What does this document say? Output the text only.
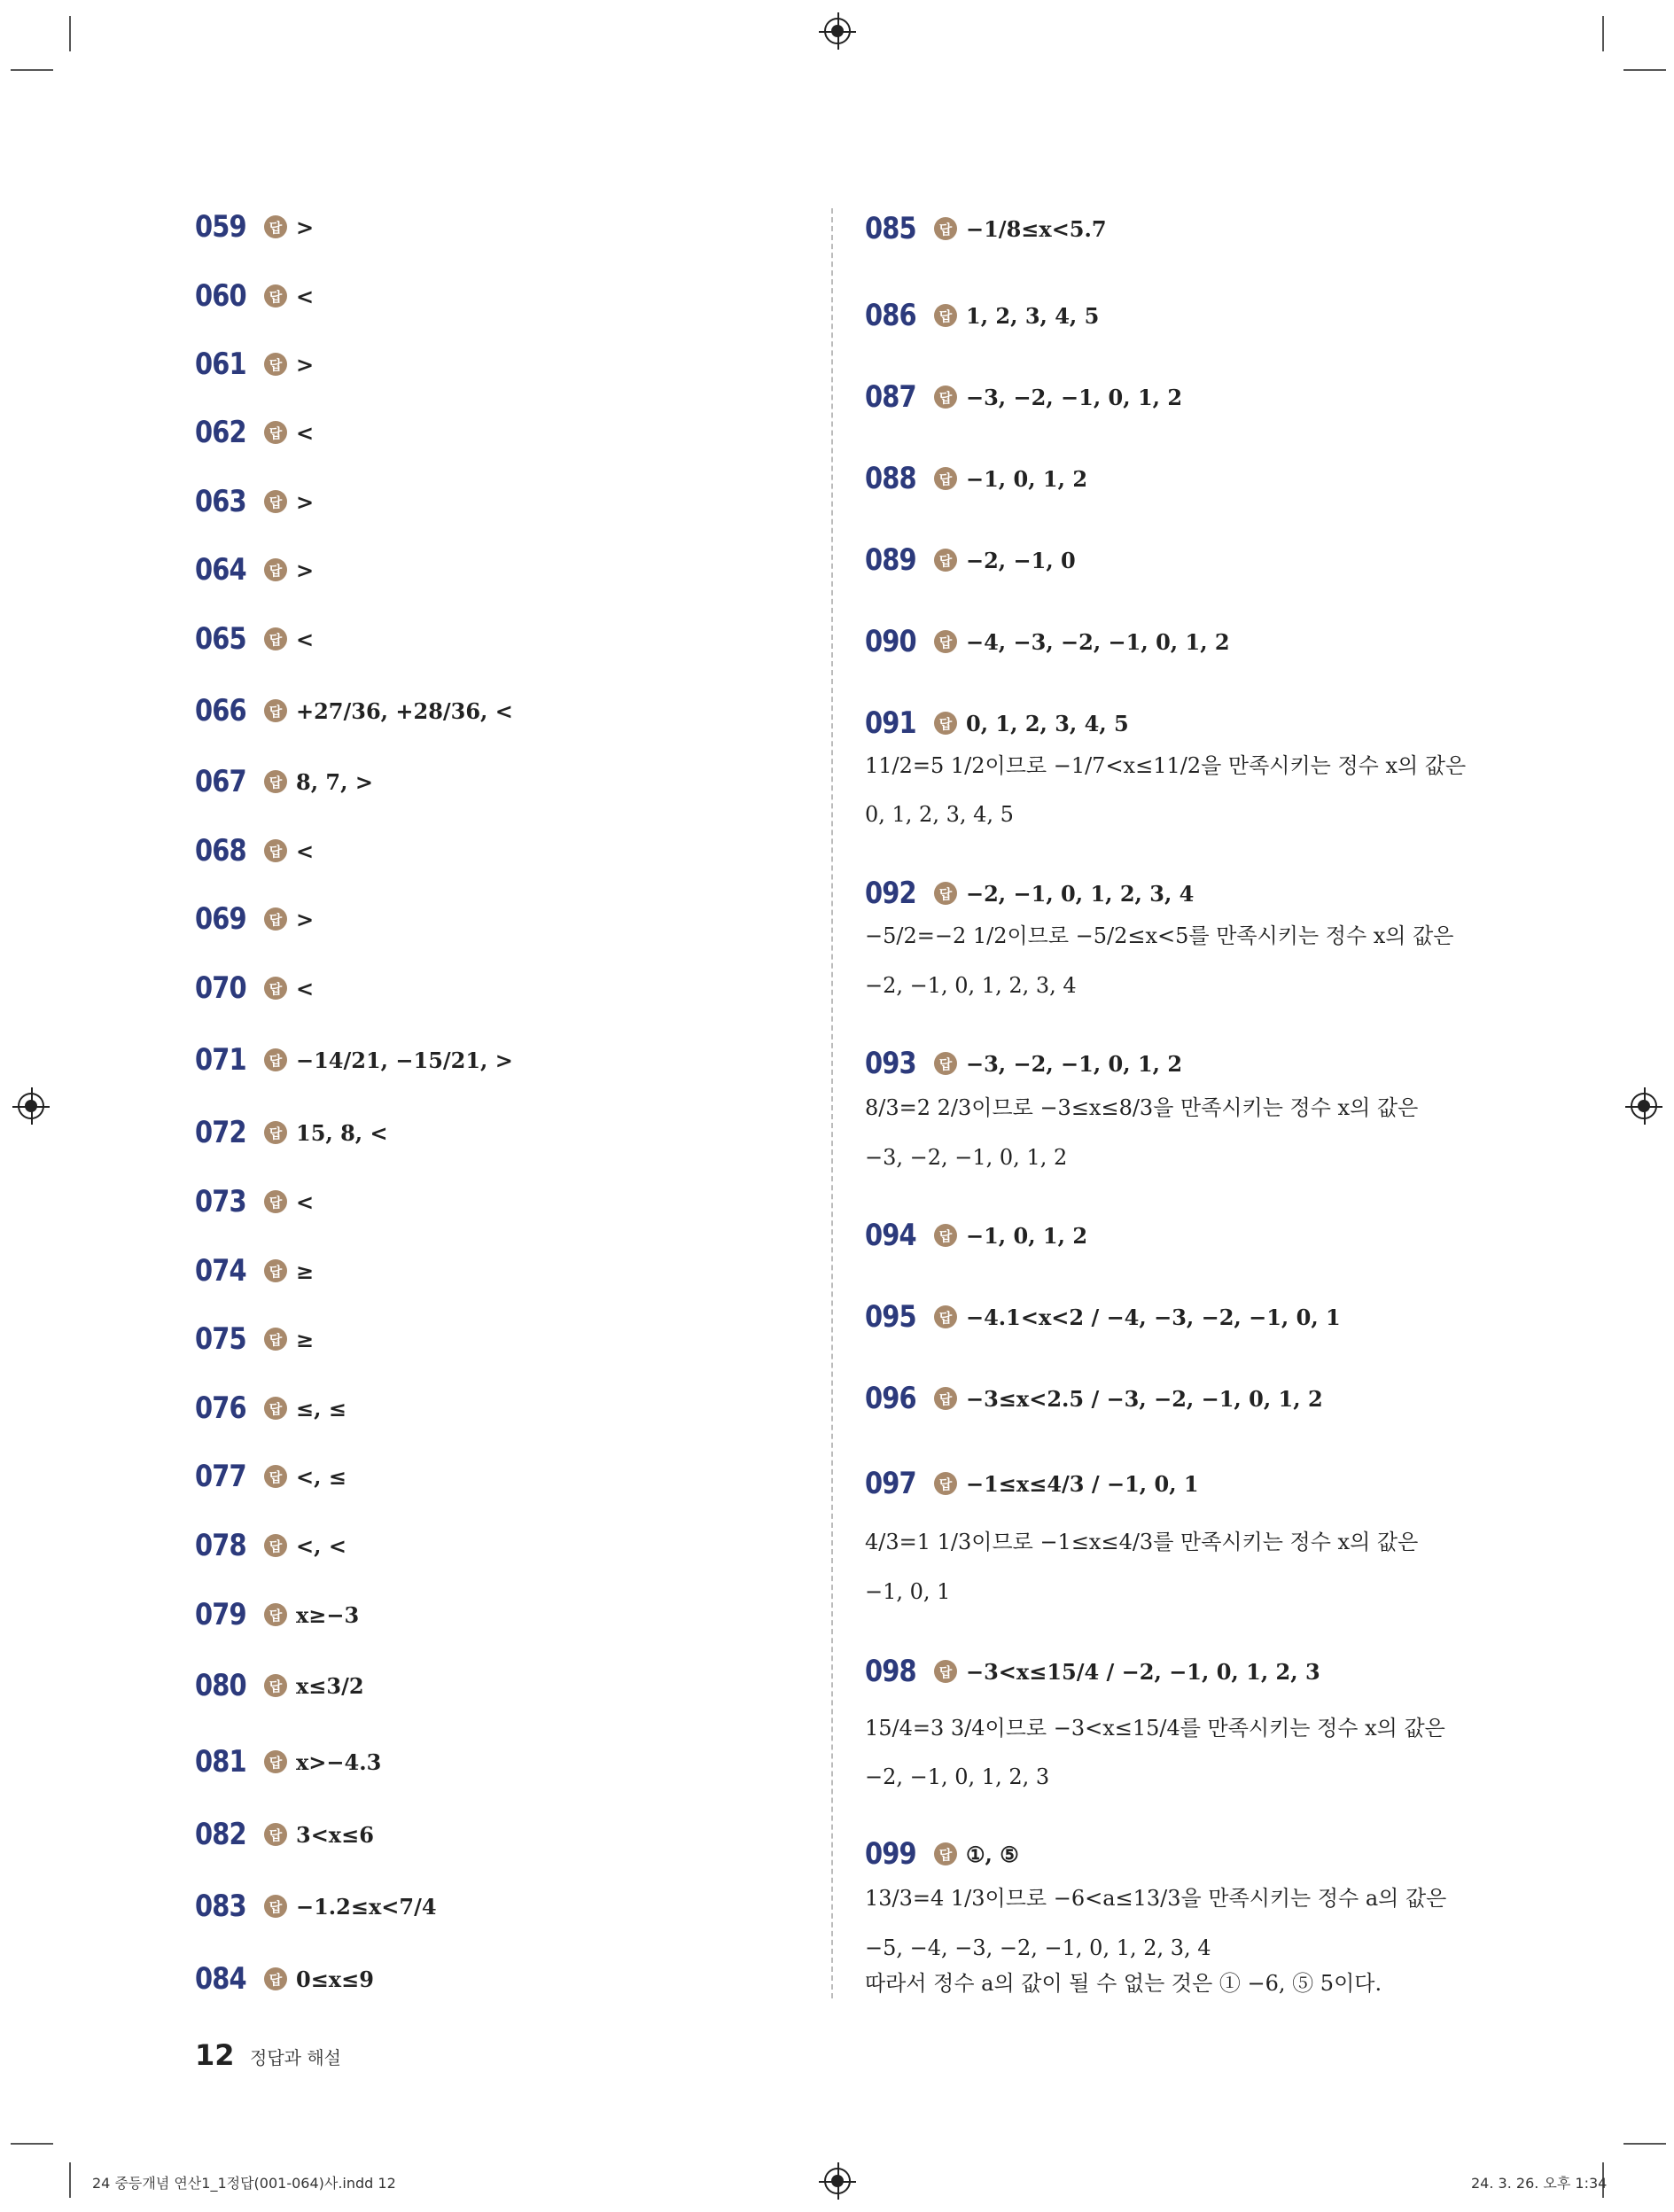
059	답 >
060	답 <
061	답 >
062	답 <
063	답 >
064	답 >
065	답 <
066	답 +27/36, +28/36, <
067	답 8, 7, >
068	답 <
069	답 >
070	답 <
071	답 −14/21, −15/21, >
072	답 15, 8, <
073	답 <
074	답 ≥
075	답 ≥
076	답 ≤, ≤
077	답 <, ≤
078	답 <, <
079	답 x≥−3
080	답 x≤3/2
081	답 x>−4.3
082	답 3<x≤6
083	답 −1.2≤x<7/4
084	답 0≤x≤9
085	답 −1/8≤x<5.7
086	답 1, 2, 3, 4, 5
087	답 −3, −2, −1, 0, 1, 2
088	답 −1, 0, 1, 2
089	답 −2, −1, 0
090	답 −4, −3, −2, −1, 0, 1, 2
091	답 0, 1, 2, 3, 4, 5
11/2=5 1/2이므로 −1/7<x≤11/2을 만족시키는 정수 x의 값은
0, 1, 2, 3, 4, 5
092	답 −2, −1, 0, 1, 2, 3, 4
−5/2=−2 1/2이므로 −5/2≤x<5를 만족시키는 정수 x의 값은
−2, −1, 0, 1, 2, 3, 4
093	답 −3, −2, −1, 0, 1, 2
8/3=2 2/3이므로 −3≤x≤8/3을 만족시키는 정수 x의 값은
−3, −2, −1, 0, 1, 2
094	답 −1, 0, 1, 2
095	답 −4.1<x<2 / −4, −3, −2, −1, 0, 1
096	답 −3≤x<2.5 / −3, −2, −1, 0, 1, 2
097	답 −1≤x≤4/3 / −1, 0, 1
4/3=1 1/3이므로 −1≤x≤4/3를 만족시키는 정수 x의 값은
−1, 0, 1
098	답 −3<x≤15/4 / −2, −1, 0, 1, 2, 3
15/4=3 3/4이므로 −3<x≤15/4를 만족시키는 정수 x의 값은
−2, −1, 0, 1, 2, 3
099	답 ①, ⑤
13/3=4 1/3이므로 −6<a≤13/3을 만족시키는 정수 a의 값은
−5, −4, −3, −2, −1, 0, 1, 2, 3, 4
따라서 정수 a의 값이 될 수 없는 것은 ① −6, ⑤ 5이다.
12 정답과 해설
24 중등개념 연산1_1정답(001-064)사.indd 12	24. 3. 26. 오후 1:34
